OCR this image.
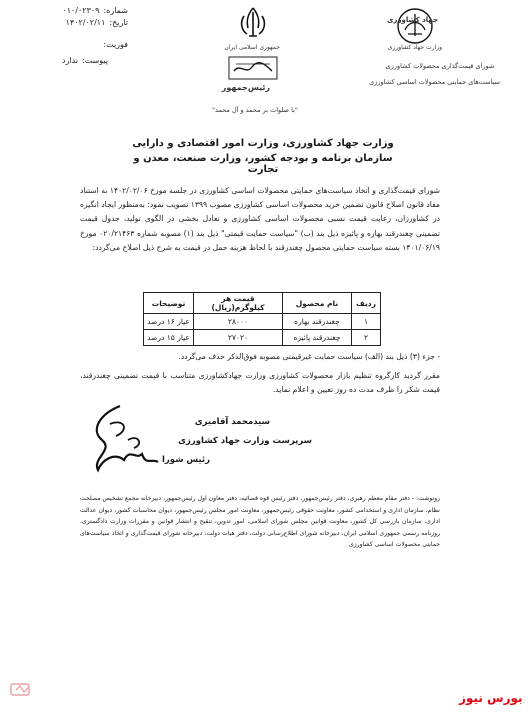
شماره:
۰۱۰/۰۲۳۰۹
تاریخ:
۱۴۰۲/۰۲/۱۱
فوریت:
پیوست:
ندارد
جمهوری اسلامی ایران
رئیس‌جمهور
"با صلوات بر محمد و آل محمد"
جهاد کشاورزی
وزارت جهاد کشاورزی
شورای قیمت‌گذاری محصولات کشاورزی
سیاست‌های حمایتی محصولات اساسی کشاورزی
وزارت جهاد کشاورزی، وزارت امور اقتصادی و دارایی
سازمان برنامه و بودجه کشور، وزارت صنعت، معدن و تجارت
شورای قیمت‌گذاری و اتخاذ سیاست‌های حمایتی محصولات اساسی کشاورزی در جلسه مورخ ۱۴۰۲/۰۲/۰۶ به استناد مفاد قانون اصلاح قانون تضمین خرید محصولات اساسی کشاورزی مصوب ۱۳۹۹ تصویب نمود: به‌منظور ایجاد انگیزه در کشاورزان، رعایت قیمت نسبی محصولات اساسی کشاورزی و تعادل بخشی در الگوی تولید، جدول قیمت تضمینی چغندرقند بهاره و پائیزه ذیل بند (ب) "سیاست حمایت قیمتی" ذیل بند (۱) مصوبه شماره ۰۲۰/۲۱۴۶۳ مورخ ۱۴۰۱/۰۶/۱۹ بسته سیاست حمایتی محصول چغندرقند با لحاظ هزینه حمل در قیمت به شرح ذیل اصلاح می‌گردد:
ردیف	نام محصول	قیمت هر کیلوگرم(ریال)	توضیحات
۱	چغندرقند بهاره	۲۸۰۰۰	عیار ۱۶ درصد
۲	چغندرقند پائیزه	۲۷۰۲۰	عیار ۱۵ درصد
- جزء (۳) ذیل بند (الف) سیاست حمایت غیرقیمتی مصوبه فوق‌الذکر حذف می‌گردد.
مقرر گردید کارگروه تنظیم بازار محصولات کشاورزی وزارت جهادکشاورزی متناسب با قیمت تضمینی چغندرقند، قیمت شکر را ظرف مدت ده روز تعیین و اعلام نماید.
سیدمحمد آقامیری
سرپرست وزارت جهاد کشاورزی
رئیس شورا
رونوشت: - دفتر مقام معظم رهبری، دفتر رئیس‌جمهور، دفتر رئیس قوه قضائیه، دفتر معاون اول رئیس‌جمهور، دبیرخانه مجمع تشخیص مصلحت نظام، سازمان اداری و استخدامی کشور، معاونت حقوقی رئیس‌جمهور، معاونت امور مجلس رئیس‌جمهور، دیوان محاسبات کشور، دیوان عدالت اداری، سازمان بازرسی کل کشور، معاونت قوانین مجلس شورای اسلامی، امور تدوین، تنقیح و انتشار قوانین و مقررات وزارت دادگستری، روزنامه رسمی جمهوری اسلامی ایران، دبیرخانه شورای اطلاع‌رسانی دولت، دفتر هیات دولت، دبیرخانه شورای قیمت‌گذاری و اتخاذ سیاست‌های حمایتی محصولات اساسی کشاورزی
بورس نیوز
